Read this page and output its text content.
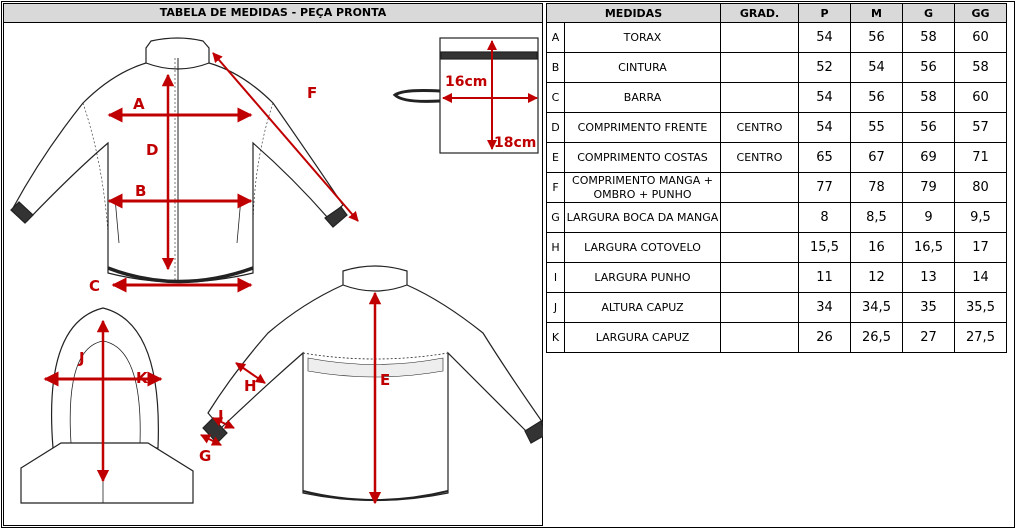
TABELA DE MEDIDAS - PEÇA PRONTA
A
B
C
D
E
F
G
H
I
J
K
16cm
18cm
MEDIDAS		GRAD.	P	M	G	GG
A	TORAX		54	56	58	60
B	CINTURA		52	54	56	58
C	BARRA		54	56	58	60
D	COMPRIMENTO FRENTE	CENTRO	54	55	56	57
E	COMPRIMENTO COSTAS	CENTRO	65	67	69	71
F	COMPRIMENTO MANGA + OMBRO + PUNHO		77	78	79	80
G	LARGURA BOCA DA MANGA		8	8,5	9	9,5
H	LARGURA COTOVELO		15,5	16	16,5	17
I	LARGURA PUNHO		11	12	13	14
J	ALTURA CAPUZ		34	34,5	35	35,5
K	LARGURA CAPUZ		26	26,5	27	27,5
